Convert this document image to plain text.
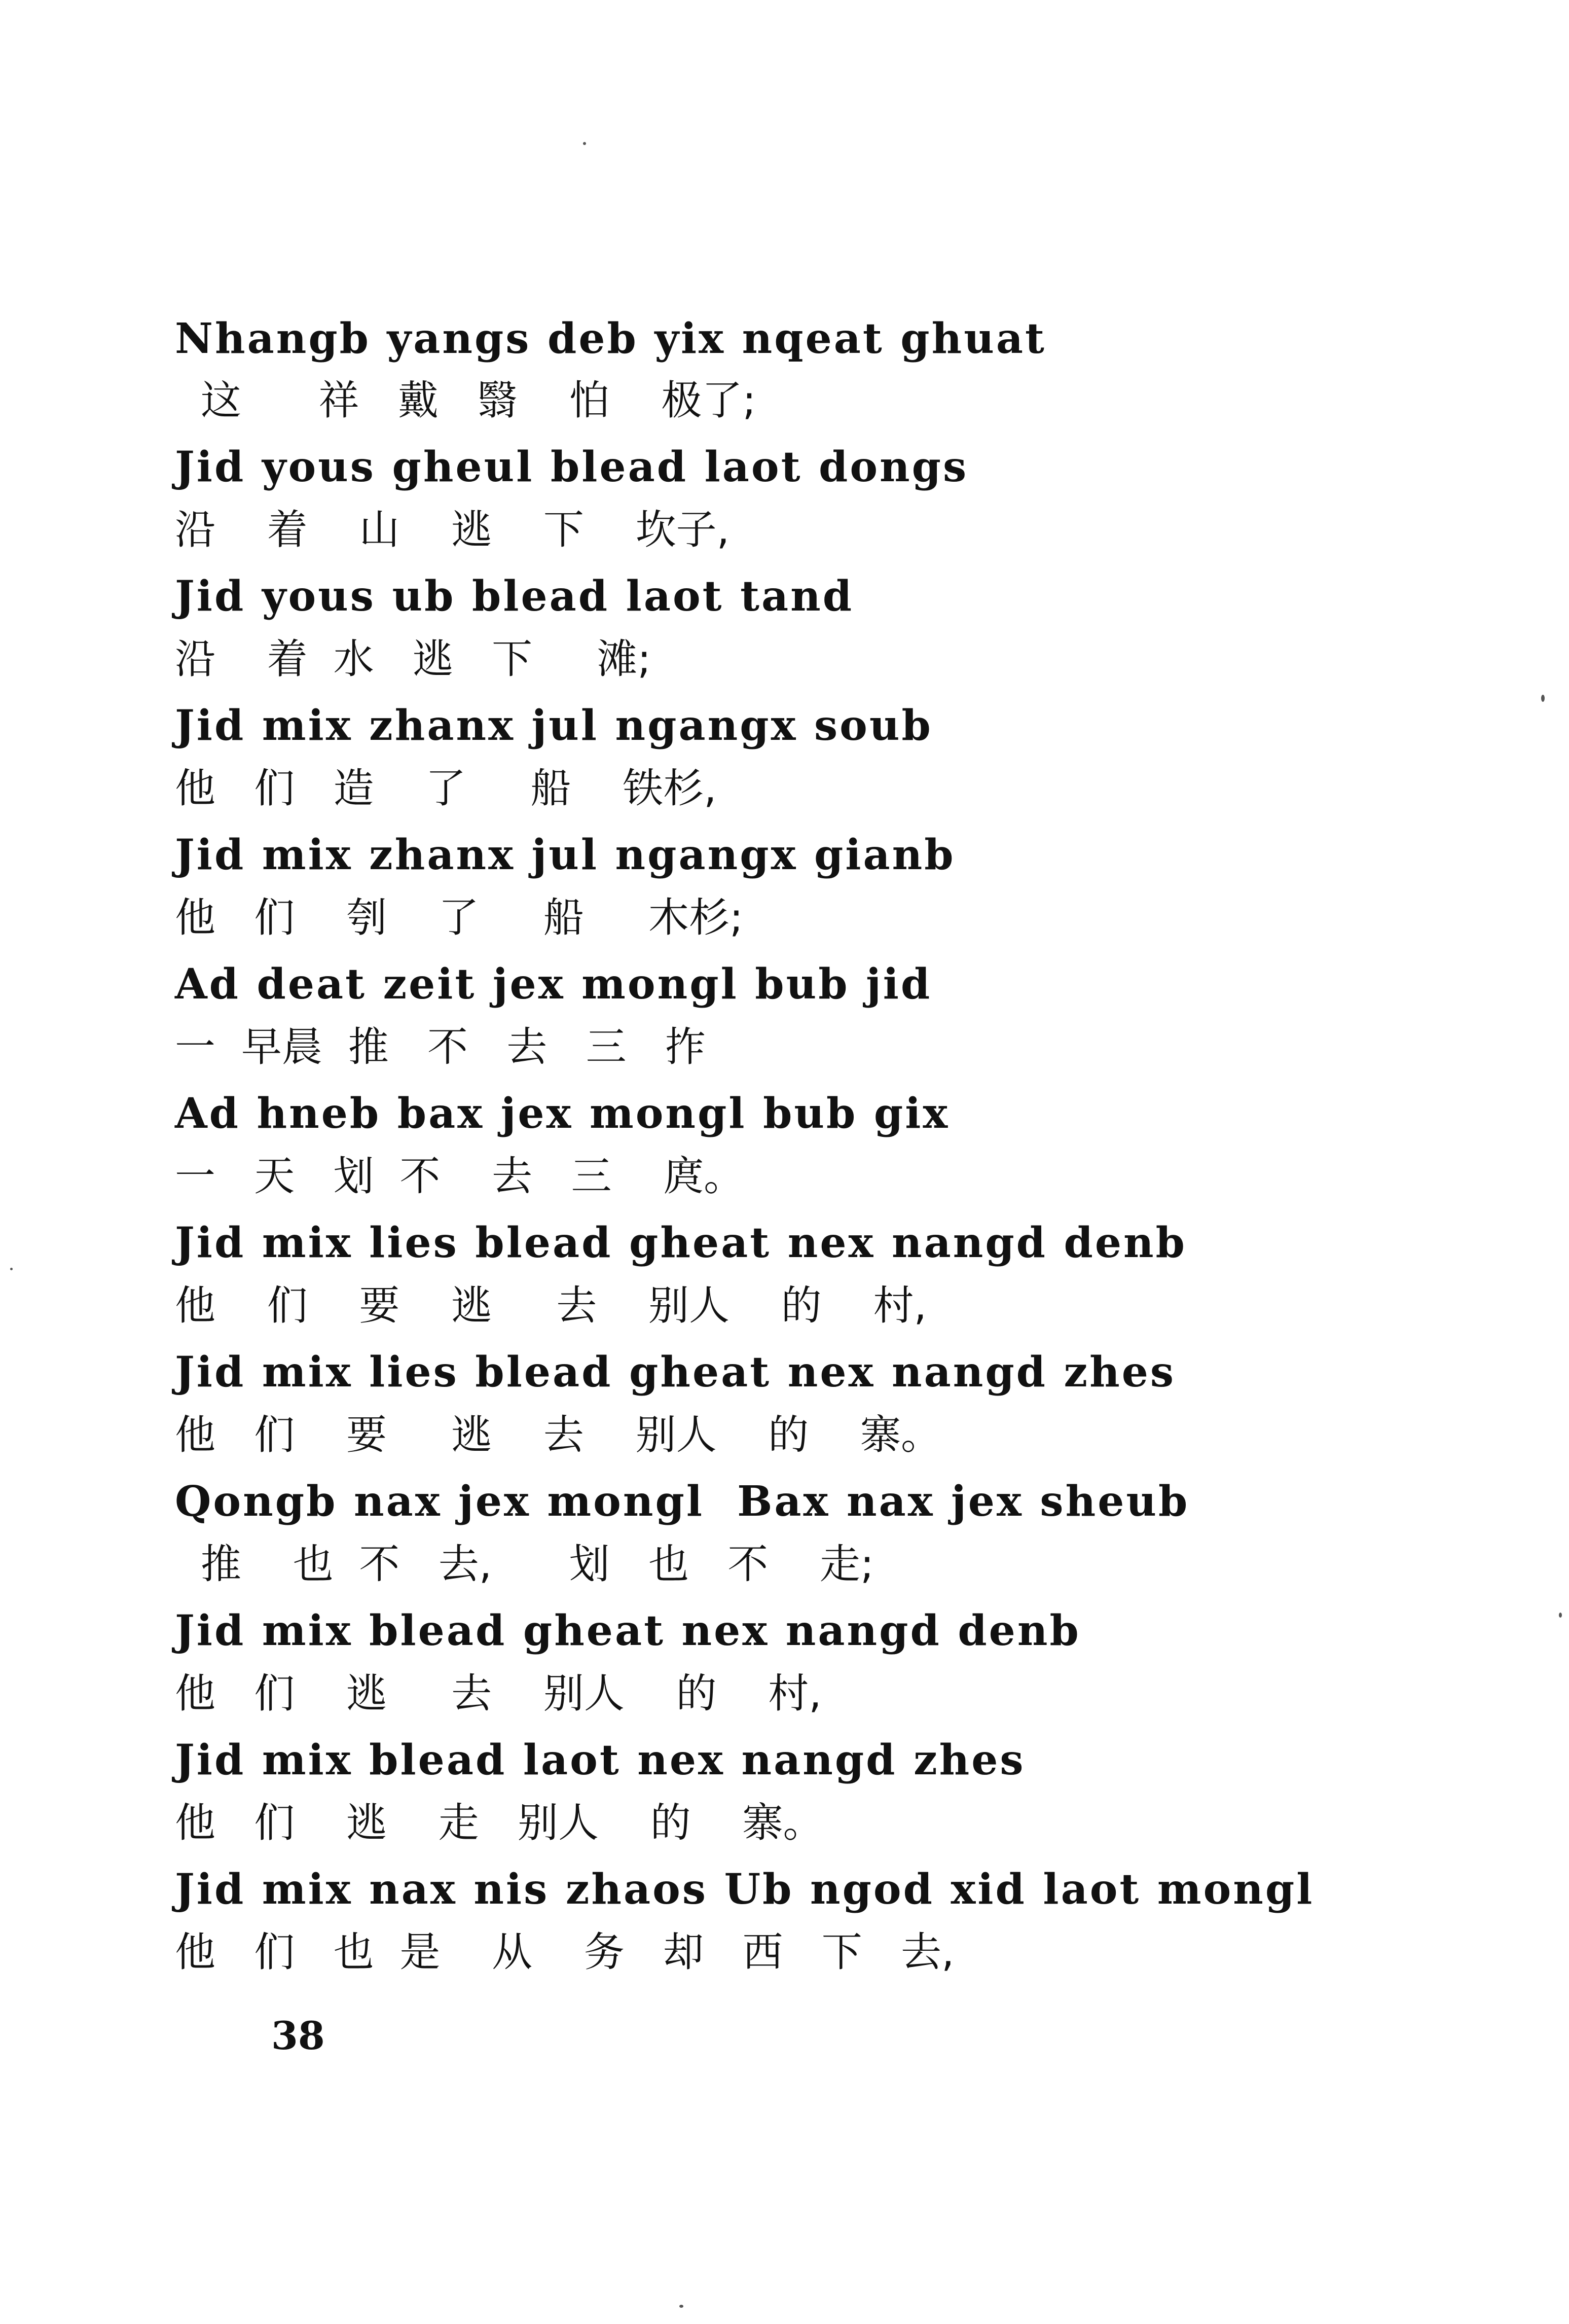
Nhangb yangs deb yix nqeat ghuat
这      祥   戴   翳    怕    极了;
Jid yous gheul blead laot dongs
沿    着    山    逃    下    坎子,
Jid yous ub blead laot tand
沿    着  水   逃   下     滩;
Jid mix zhanx jul ngangx soub
他   们   造    了     船    铁杉,
Jid mix zhanx jul ngangx gianb
他   们    刳    了     船     木杉;
Ad deat zeit jex mongl bub jid
一  早晨  推   不   去   三   拃
Ad hneb bax jex mongl bub gix
一   天   划  不    去   三    庹。
Jid mix lies blead gheat nex nangd denb
他    们    要    逃     去    别人    的    村,
Jid mix lies blead gheat nex nangd zhes
他   们    要     逃    去    别人    的    寨。
Qongb nax jex mongl  Bax nax jex sheub
推    也  不   去,      划   也   不    走;
Jid mix blead gheat nex nangd denb
他   们    逃     去    别人    的    村,
Jid mix blead laot nex nangd zhes
他   们    逃    走   别人    的    寨。
Jid mix nax nis zhaos Ub ngod xid laot mongl
他   们   也  是    从    务   却   西   下   去,
38
